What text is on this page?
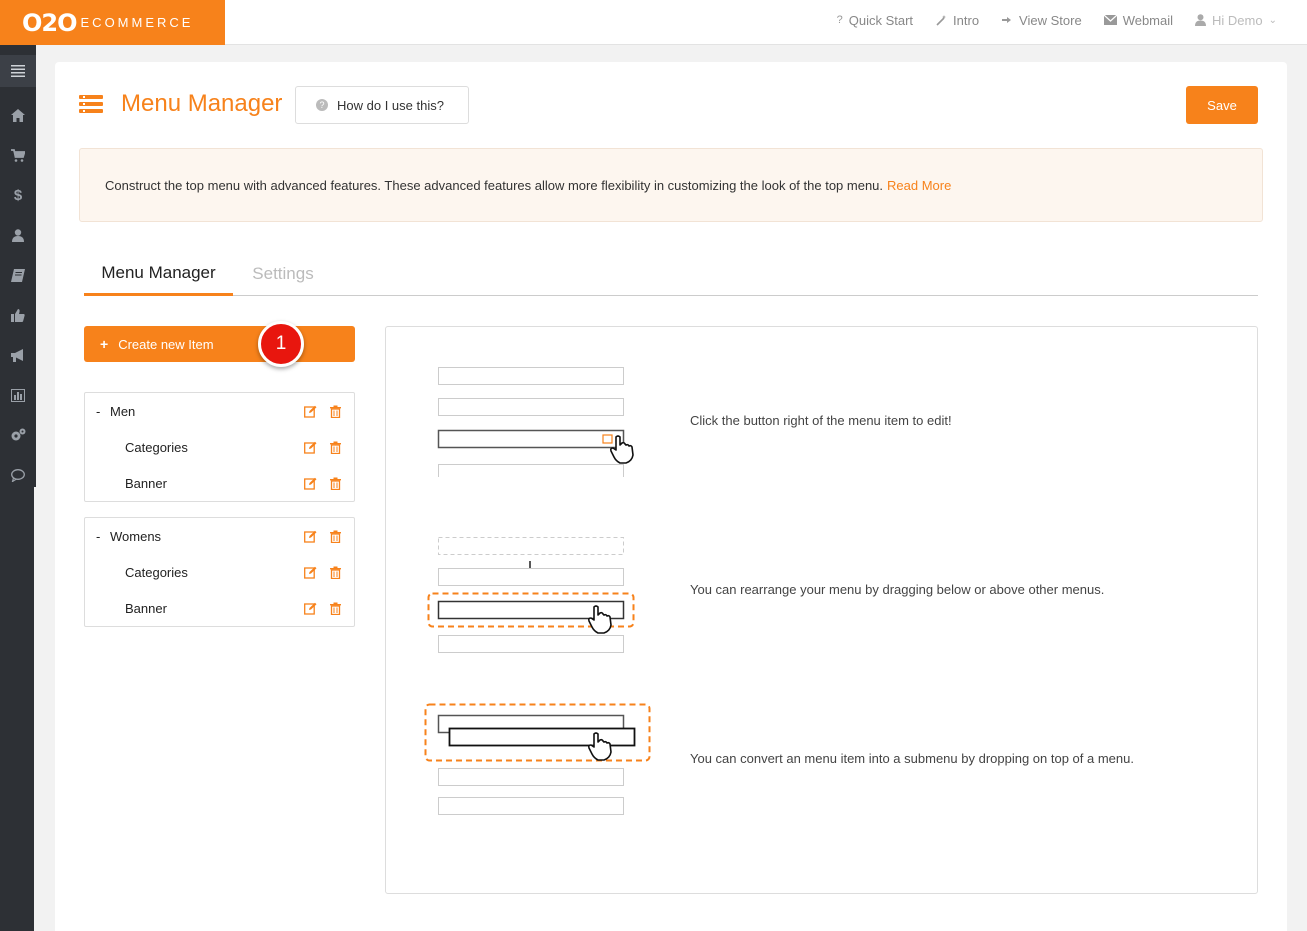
O2O ECOMMERCE	? Quick Start	Intro	View Store	Webmail	Hi Demo ⌄
$
Menu Manager	? How do I use this?	Save
Construct the top menu with advanced features. These advanced features allow more flexibility in customizing the look of the top menu. Read More
Menu Manager	Settings
+ Create new Item	1
- Men
Categories
Banner
- Womens
Categories
Banner
Click the button right of the menu item to edit!
You can rearrange your menu by dragging below or above other menus.
You can convert an menu item into a submenu by dropping on top of a menu.
